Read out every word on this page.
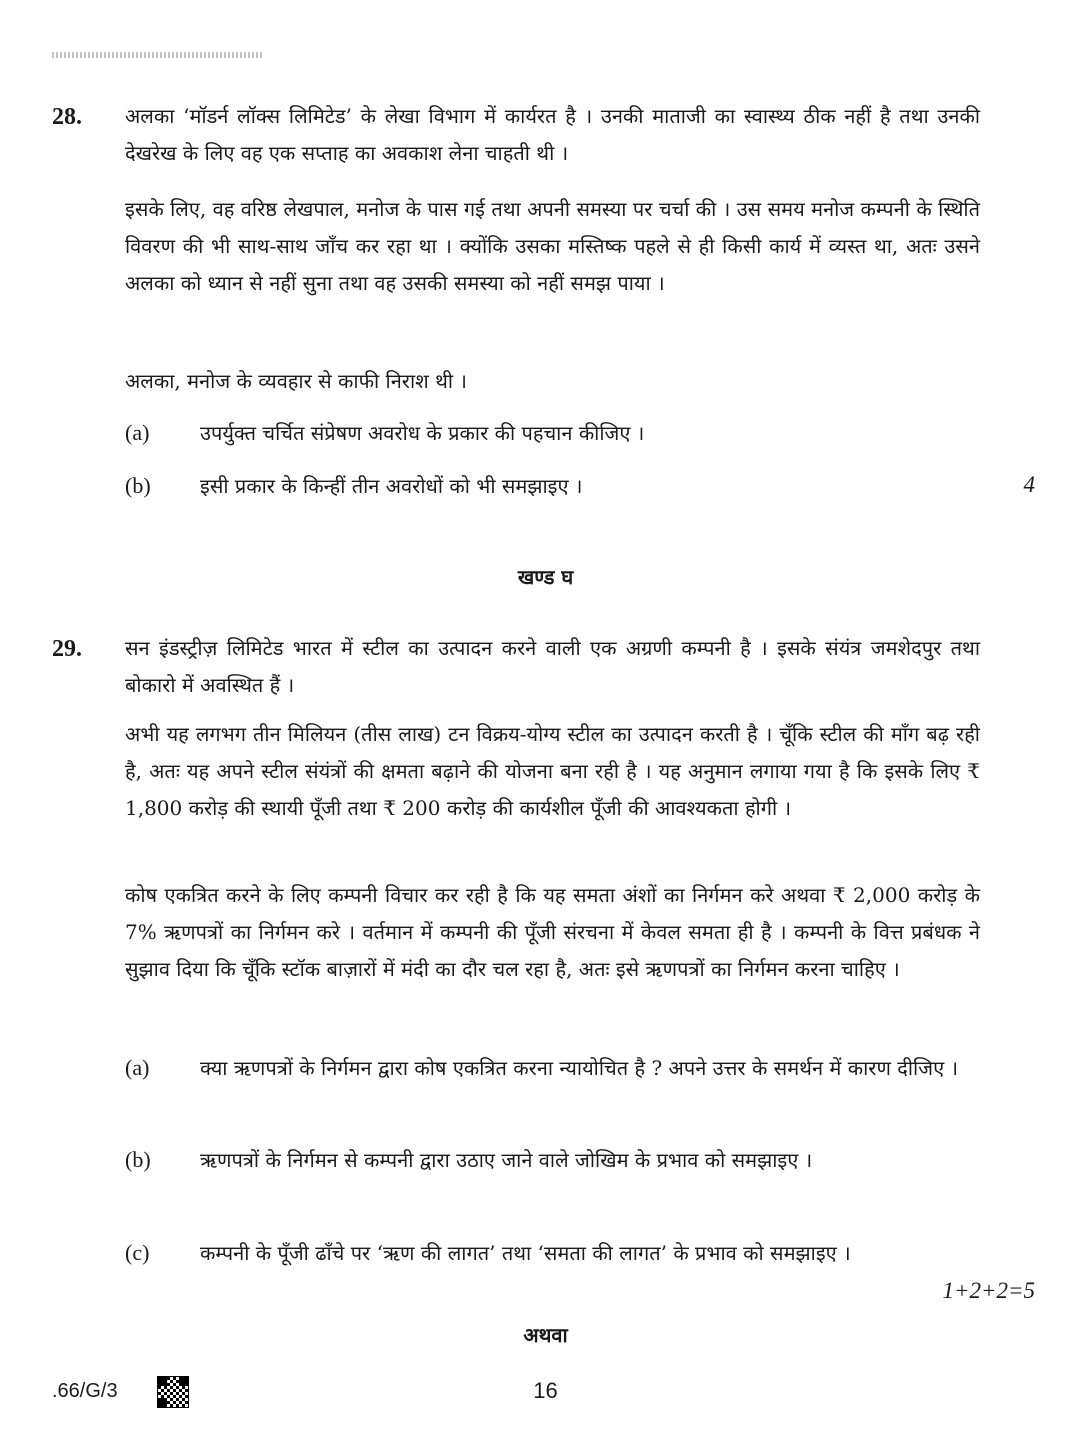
28. अलका ‘मॉडर्न लॉक्स लिमिटेड’ के लेखा विभाग में कार्यरत है । उनकी माताजी का स्वास्थ्य ठीक नहीं है तथा उनकी देखरेख के लिए वह एक सप्ताह का अवकाश लेना चाहती थी ।
इसके लिए, वह वरिष्ठ लेखपाल, मनोज के पास गई तथा अपनी समस्या पर चर्चा की । उस समय मनोज कम्पनी के स्थिति विवरण की भी साथ-साथ जाँच कर रहा था । क्योंकि उसका मस्तिष्क पहले से ही किसी कार्य में व्यस्त था, अतः उसने अलका को ध्यान से नहीं सुना तथा वह उसकी समस्या को नहीं समझ पाया ।
अलका, मनोज के व्यवहार से काफी निराश थी ।
(a)	उपर्युक्त चर्चित संप्रेषण अवरोध के प्रकार की पहचान कीजिए ।
(b) इसी प्रकार के किन्हीं तीन अवरोधों को भी समझाइए ।	4
खण्ड घ
29. सन इंडस्ट्रीज़ लिमिटेड भारत में स्टील का उत्पादन करने वाली एक अग्रणी कम्पनी है । इसके संयंत्र जमशेदपुर तथा बोकारो में अवस्थित हैं ।
अभी यह लगभग तीन मिलियन (तीस लाख) टन विक्रय-योग्य स्टील का उत्पादन करती है । चूँकि स्टील की माँग बढ़ रही है, अतः यह अपने स्टील संयंत्रों की क्षमता बढ़ाने की योजना बना रही है । यह अनुमान लगाया गया है कि इसके लिए ₹ 1,800 करोड़ की स्थायी पूँजी तथा ₹ 200 करोड़ की कार्यशील पूँजी की आवश्यकता होगी ।
कोष एकत्रित करने के लिए कम्पनी विचार कर रही है कि यह समता अंशों का निर्गमन करे अथवा ₹ 2,000 करोड़ के 7% ऋणपत्रों का निर्गमन करे । वर्तमान में कम्पनी की पूँजी संरचना में केवल समता ही है । कम्पनी के वित्त प्रबंधक ने सुझाव दिया कि चूँकि स्टॉक बाज़ारों में मंदी का दौर चल रहा है, अतः इसे ऋणपत्रों का निर्गमन करना चाहिए ।
(a)	क्या ऋणपत्रों के निर्गमन द्वारा कोष एकत्रित करना न्यायोचित है ? अपने उत्तर के समर्थन में कारण दीजिए ।
(b) ऋणपत्रों के निर्गमन से कम्पनी द्वारा उठाए जाने वाले जोखिम के प्रभाव को समझाइए ।
(c)	कम्पनी के पूँजी ढाँचे पर ‘ऋण की लागत’ तथा ‘समता की लागत’ के प्रभाव को समझाइए ।
1+2+2=5
अथवा
.66/G/3	16
